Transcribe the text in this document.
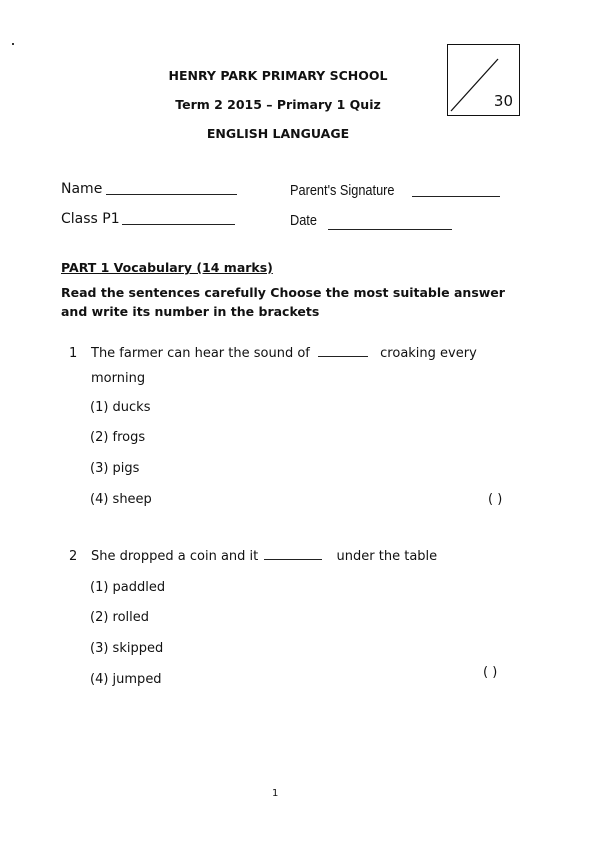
HENRY PARK PRIMARY SCHOOL
Term 2 2015 – Primary 1 Quiz
ENGLISH LANGUAGE
30
Name	Parent's Signature
Class P1	Date
PART 1 Vocabulary (14 marks)
Read the sentences carefully Choose the most suitable answer
and write its number in the brackets
1 The farmer can hear the sound of	croaking every
morning
(1) ducks
(2) frogs
(3) pigs
(4) sheep	( )
2 She dropped a coin and it	under the table
(1) paddled
(2) rolled
(3) skipped
(4) jumped	( )
1
